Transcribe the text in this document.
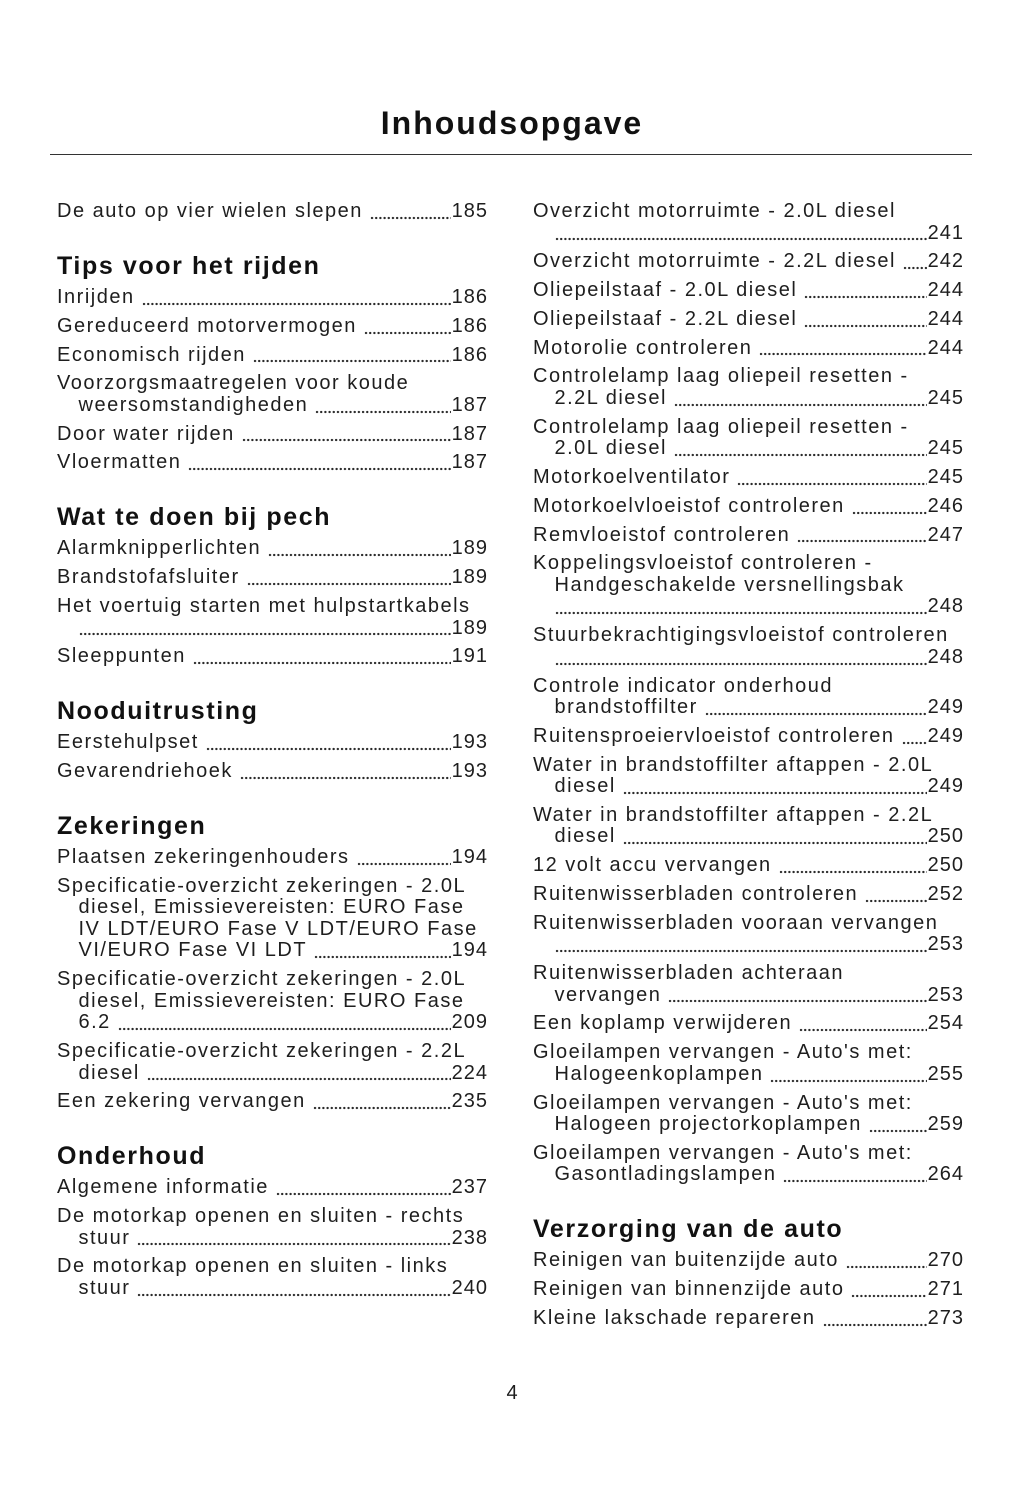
Inhoudsopgave
De auto op vier wielen slepen	185
Tips voor het rijden
Inrijden	186
Gereduceerd motorvermogen	186
Economisch rijden	186
Voorzorgsmaatregelen voor koude
weersomstandigheden	187
Door water rijden	187
Vloermatten	187
Wat te doen bij pech
Alarmknipperlichten	189
Brandstofafsluiter	189
Het voertuig starten met hulpstartkabels
189
Sleeppunten	191
Nooduitrusting
Eerstehulpset	193
Gevarendriehoek	193
Zekeringen
Plaatsen zekeringenhouders	194
Specificatie-overzicht zekeringen - 2.0L
diesel, Emissievereisten: EURO Fase
IV LDT/EURO Fase V LDT/EURO Fase
VI/EURO Fase VI LDT	194
Specificatie-overzicht zekeringen - 2.0L
diesel, Emissievereisten: EURO Fase
6.2	209
Specificatie-overzicht zekeringen - 2.2L
diesel	224
Een zekering vervangen	235
Onderhoud
Algemene informatie	237
De motorkap openen en sluiten - rechts
stuur	238
De motorkap openen en sluiten - links
stuur	240
Overzicht motorruimte - 2.0L diesel
241
Overzicht motorruimte - 2.2L diesel 242
Oliepeilstaaf - 2.0L diesel	244
Oliepeilstaaf - 2.2L diesel	244
Motorolie controleren	244
Controlelamp laag oliepeil resetten -
2.2L diesel	245
Controlelamp laag oliepeil resetten -
2.0L diesel	245
Motorkoelventilator	245
Motorkoelvloeistof controleren	246
Remvloeistof controleren	247
Koppelingsvloeistof controleren -
Handgeschakelde versnellingsbak
248
Stuurbekrachtigingsvloeistof controleren
248
Controle indicator onderhoud
brandstoffilter	249
Ruitensproeiervloeistof controleren 249
Water in brandstoffilter aftappen - 2.0L
diesel	249
Water in brandstoffilter aftappen - 2.2L
diesel	250
12 volt accu vervangen	250
Ruitenwisserbladen controleren	252
Ruitenwisserbladen vooraan vervangen
253
Ruitenwisserbladen achteraan
vervangen	253
Een koplamp verwijderen	254
Gloeilampen vervangen - Auto's met:
Halogeenkoplampen	255
Gloeilampen vervangen - Auto's met:
Halogeen projectorkoplampen	259
Gloeilampen vervangen - Auto's met:
Gasontladingslampen	264
Verzorging van de auto
Reinigen van buitenzijde auto	270
Reinigen van binnenzijde auto	271
Kleine lakschade repareren	273
4
